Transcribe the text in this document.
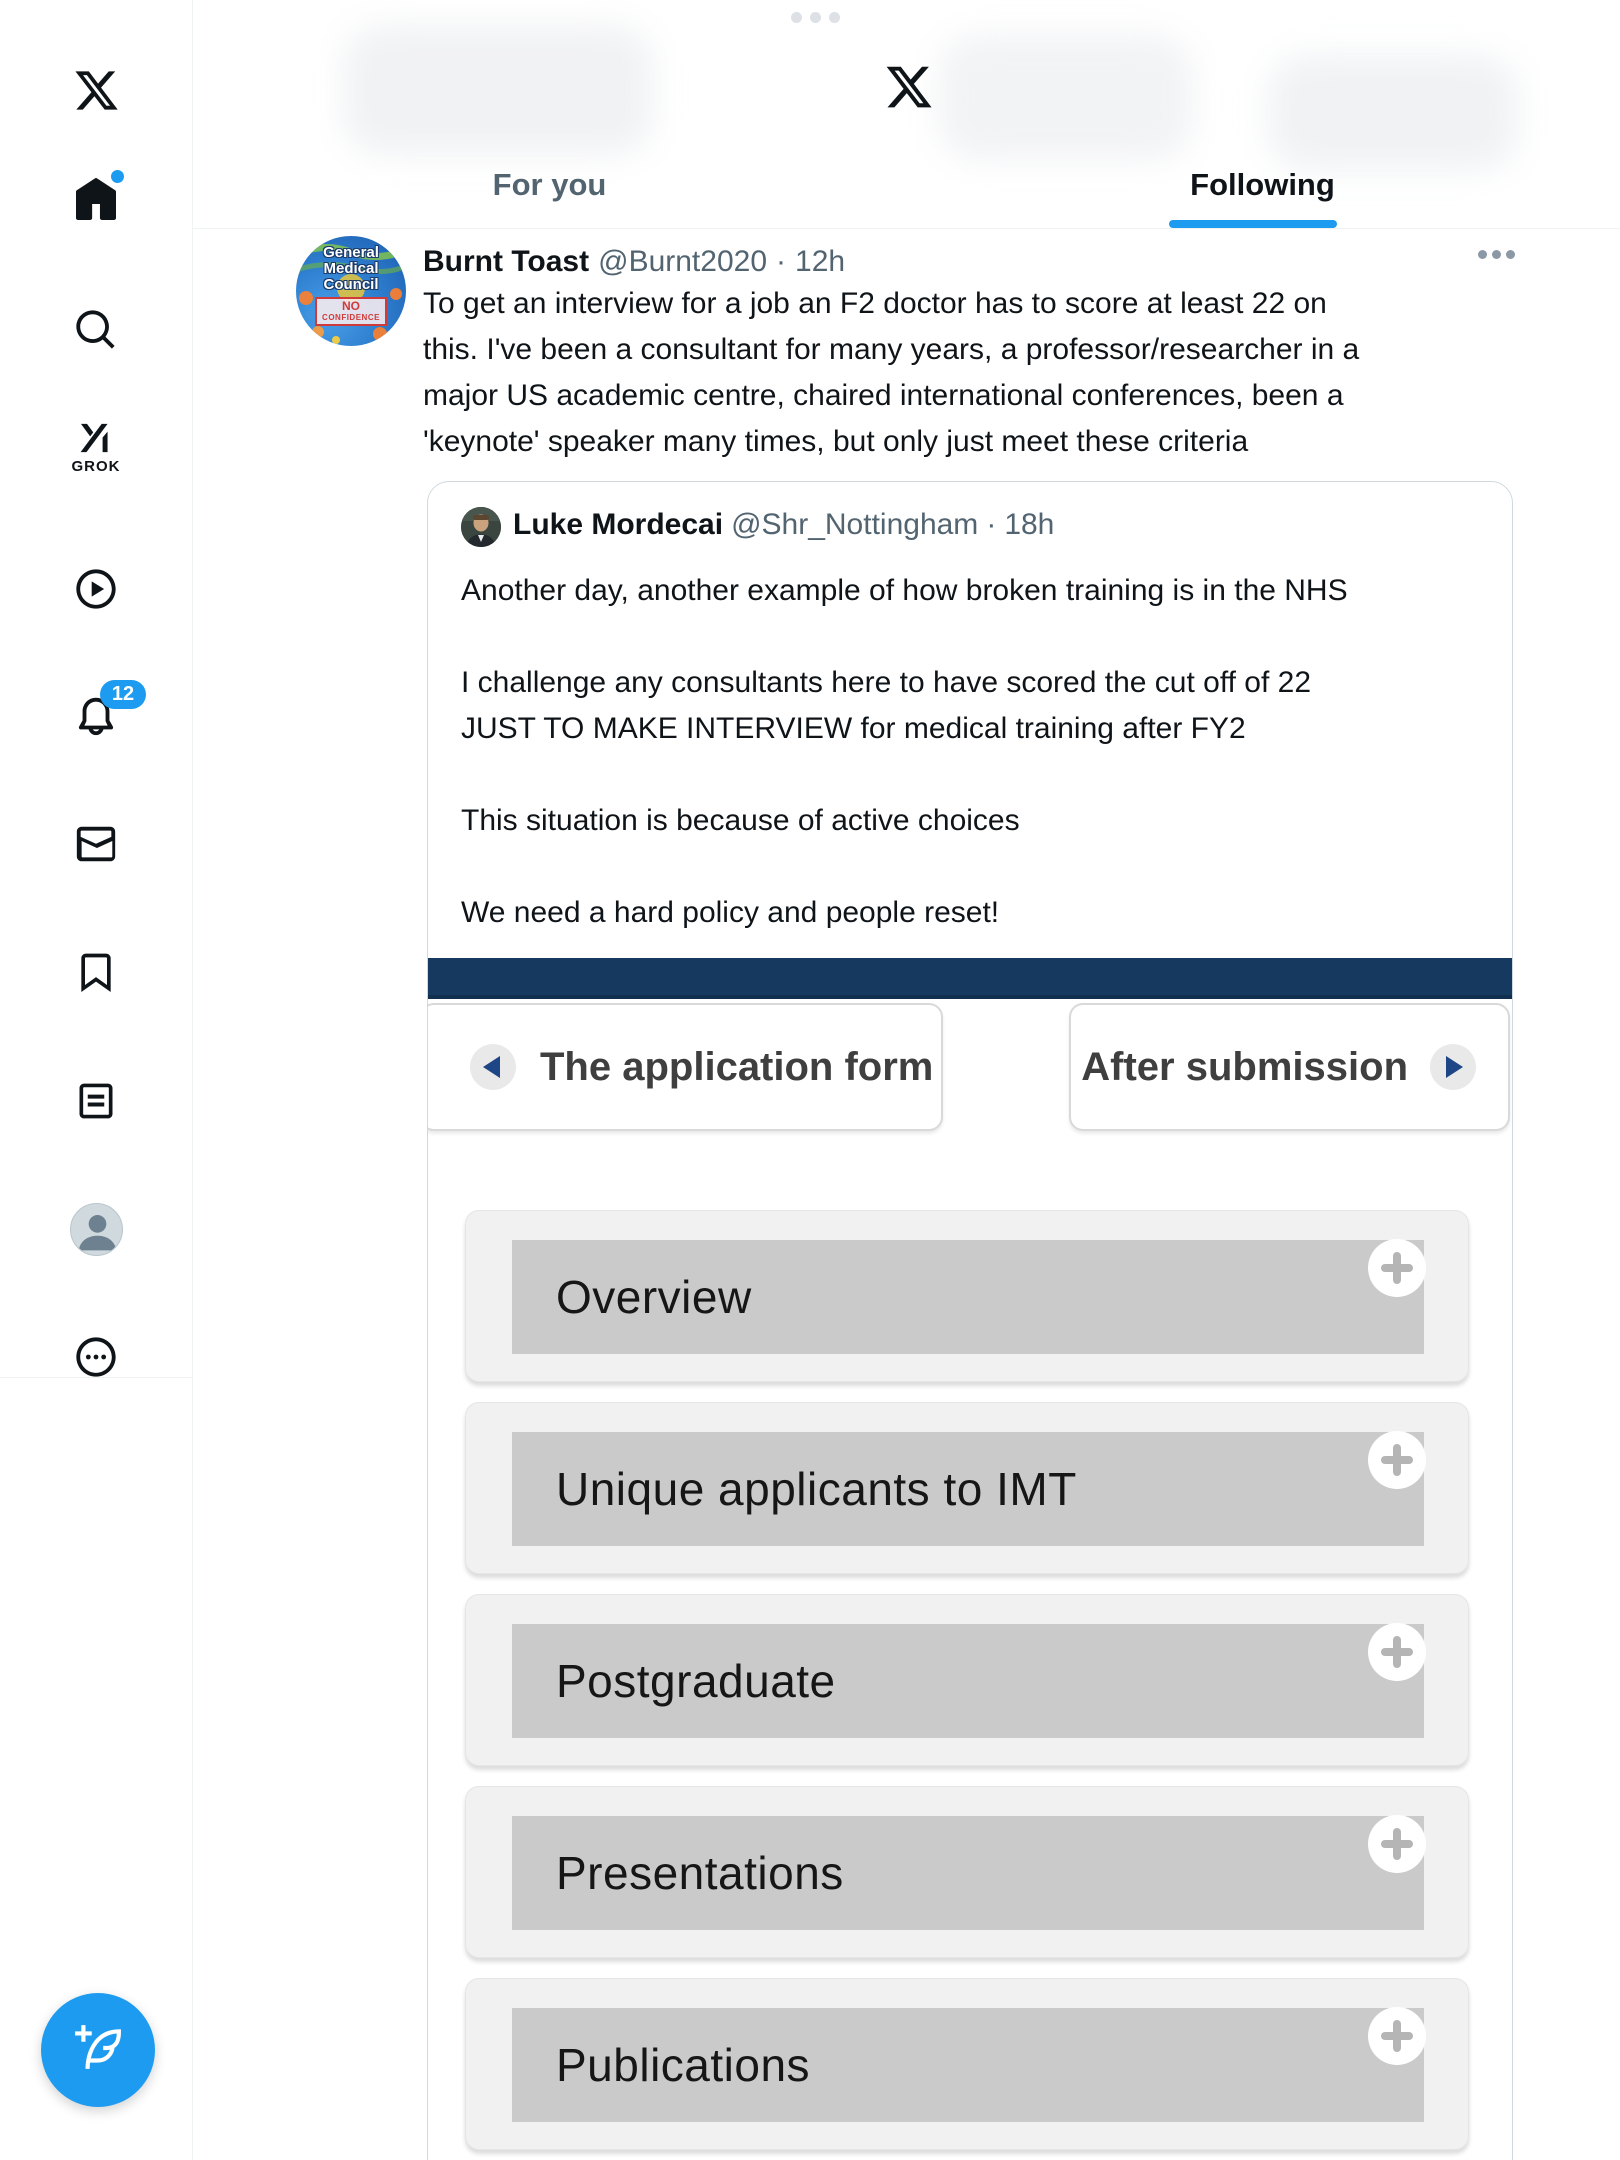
GROK
12
For you	Following
General
Medical
Council
NO
CONFIDENCE
Burnt Toast @Burnt2020 · 12h
To get an interview for a job an F2 doctor has to score at least 22 on
this. I've been a consultant for many years, a professor/researcher in a
major US academic centre, chaired international conferences, been a
'keynote' speaker many times, but only just meet these criteria
Luke Mordecai @Shr_Nottingham · 18h
Another day, another example of how broken training is in the NHS
I challenge any consultants here to have scored the cut off of 22
JUST TO MAKE INTERVIEW for medical training after FY2
This situation is because of active choices
We need a hard policy and people reset!
The application form	After submission
Overview
Unique applicants to IMT
Postgraduate
Presentations
Publications
